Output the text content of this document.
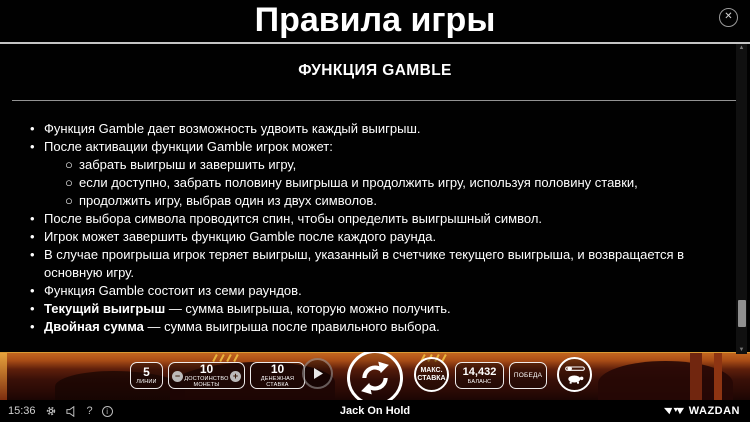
5
ЛИНИИ
− 10
ДОСТОИНСТВО МОНЕТЫ
+	10
ДЕНЕЖНАЯ СТАВКА
МАКС.
СТАВКА 14,432
БАЛАНС
ПОБЕДА
Правила игры	✕
ФУНКЦИЯ GAMBLE
• Функция Gamble дает возможность удвоить каждый выигрыш.
• После активации функции Gamble игрок может:
○ забрать выигрыш и завершить игру,
○ если доступно, забрать половину выигрыша и продолжить игру, используя половину ставки,
○ продолжить игру, выбрав один из двух символов.
• После выбора символа проводится спин, чтобы определить выигрышный символ.
• Игрок может завершить функцию Gamble после каждого раунда.
• В случае проигрыша игрок теряет выигрыш, указанный в счетчике текущего выигрыша, и возвращается в основную игру.
• Функция Gamble состоит из семи раундов.
• Текущий выигрыш — сумма выигрыша, которую можно получить.
• Двойная сумма — сумма выигрыша после правильного выбора.
▲
▼
Jack On Hold
15:36	?	i	WAZDAN
